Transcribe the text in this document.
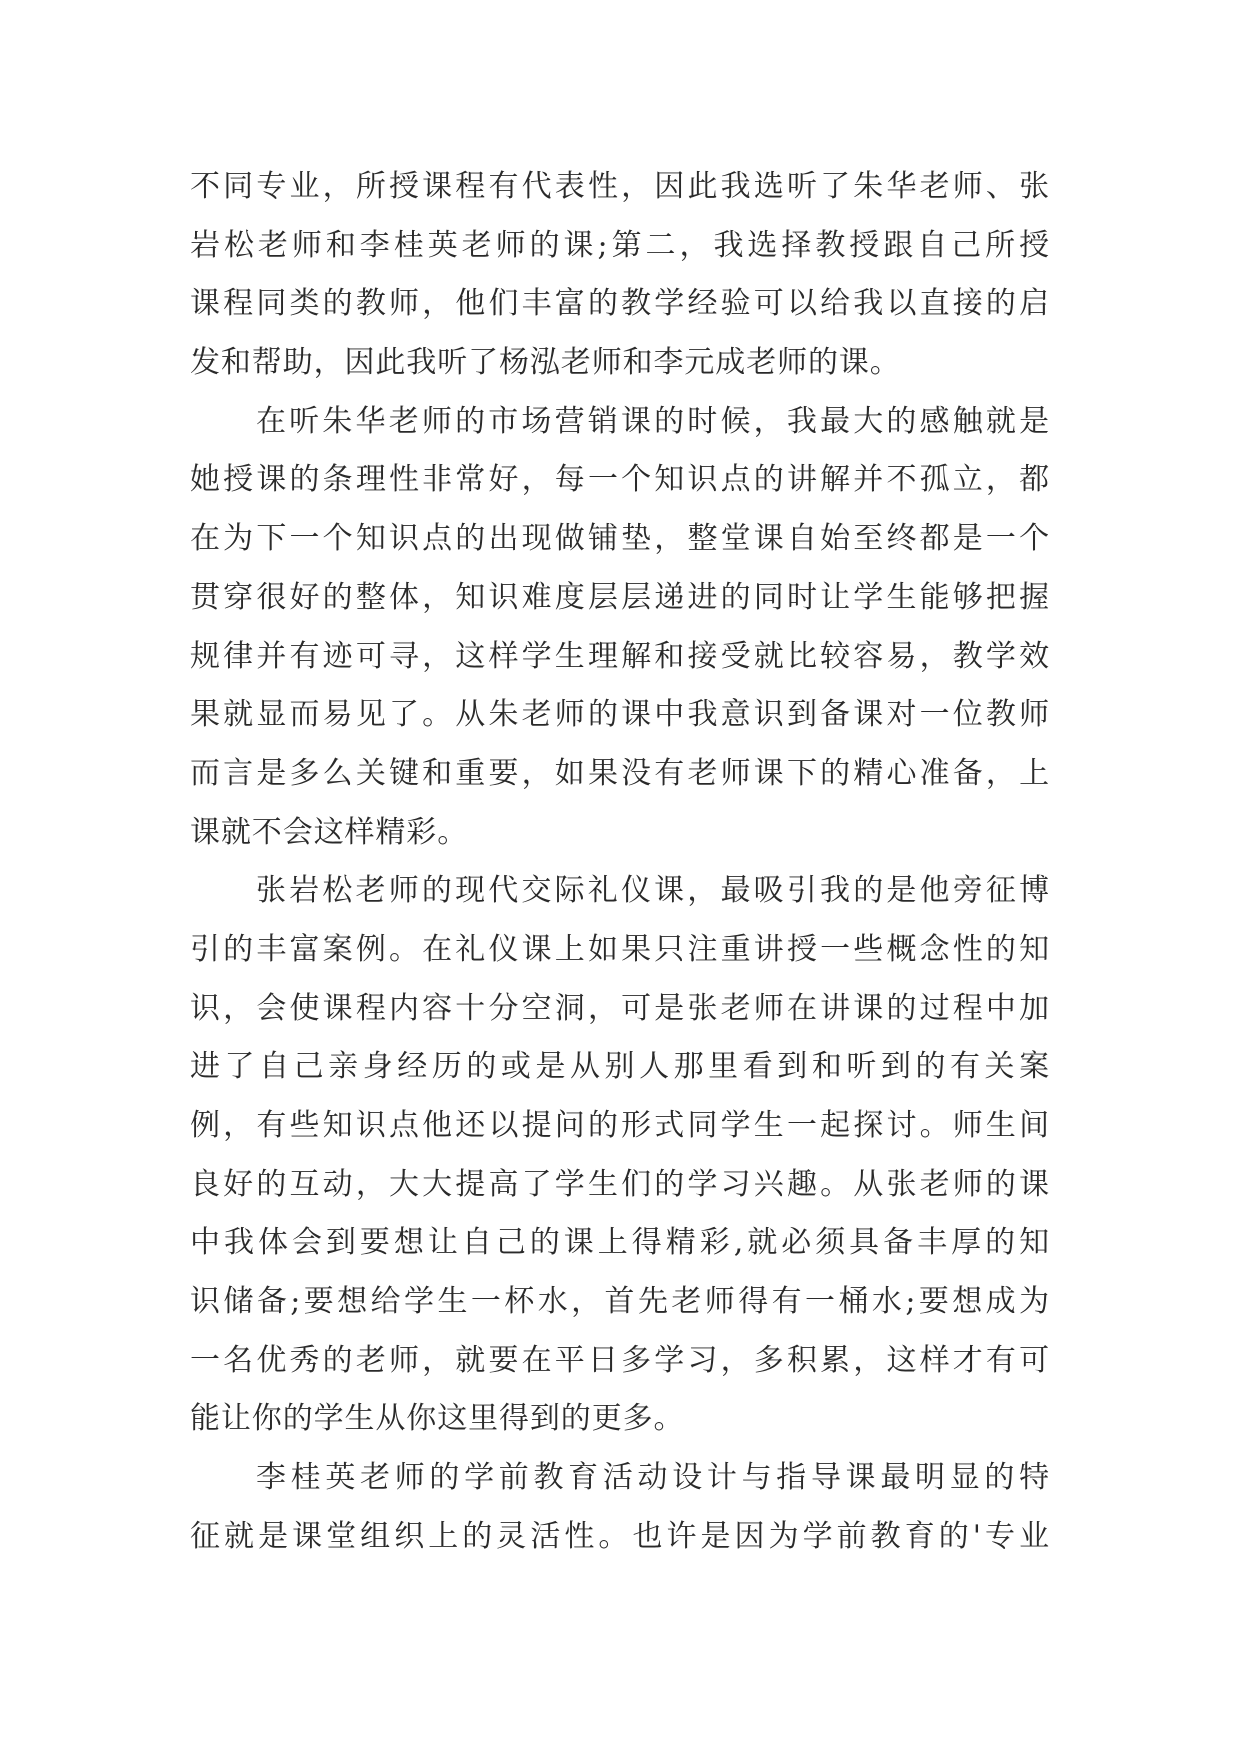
不同专业，所授课程有代表性，因此我选听了朱华老师、张
岩松老师和李桂英老师的课;第二，我选择教授跟自己所授
课程同类的教师，他们丰富的教学经验可以给我以直接的启
发和帮助，因此我听了杨泓老师和李元成老师的课。
在听朱华老师的市场营销课的时候，我最大的感触就是
她授课的条理性非常好，每一个知识点的讲解并不孤立，都
在为下一个知识点的出现做铺垫，整堂课自始至终都是一个
贯穿很好的整体，知识难度层层递进的同时让学生能够把握
规律并有迹可寻，这样学生理解和接受就比较容易，教学效
果就显而易见了。从朱老师的课中我意识到备课对一位教师
而言是多么关键和重要，如果没有老师课下的精心准备，上
课就不会这样精彩。
张岩松老师的现代交际礼仪课，最吸引我的是他旁征博
引的丰富案例。在礼仪课上如果只注重讲授一些概念性的知
识，会使课程内容十分空洞，可是张老师在讲课的过程中加
进了自己亲身经历的或是从别人那里看到和听到的有关案
例，有些知识点他还以提问的形式同学生一起探讨。师生间
良好的互动，大大提高了学生们的学习兴趣。从张老师的课
中我体会到要想让自己的课上得精彩,就必须具备丰厚的知
识储备;要想给学生一杯水，首先老师得有一桶水;要想成为
一名优秀的老师，就要在平日多学习，多积累，这样才有可
能让你的学生从你这里得到的更多。
李桂英老师的学前教育活动设计与指导课最明显的特
征就是课堂组织上的灵活性。也许是因为学前教育的'专业
